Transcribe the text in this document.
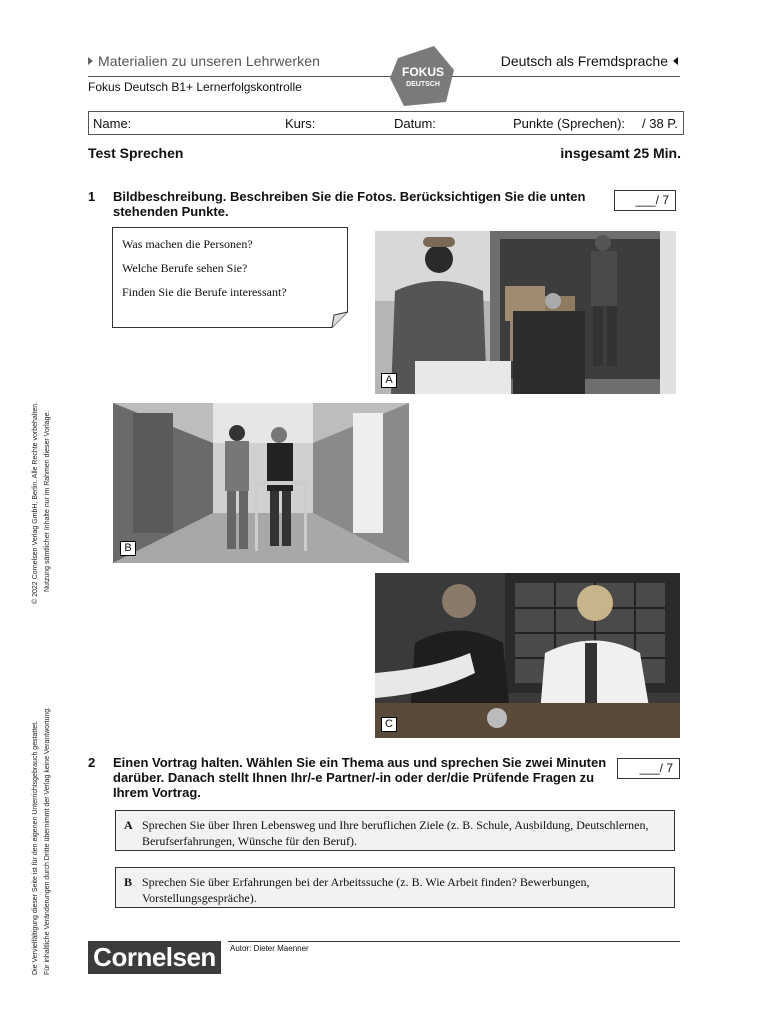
Materialien zu unseren Lehrwerken	Deutsch als Fremdsprache
Fokus Deutsch B1+ Lernerfolgskontrolle
FOKUS
DEUTSCH
Name:	Kurs:	Datum:	Punkte (Sprechen): / 38 P.
Test Sprechen	insgesamt 25 Min.
1 Bildbeschreibung. Beschreiben Sie die Fotos. Berücksichtigen Sie die unten stehenden Punkte.
___/ 7
Was machen die Personen?
Welche Berufe sehen Sie?
Finden Sie die Berufe interessant?
A
B
C
2 Einen Vortrag halten. Wählen Sie ein Thema aus und sprechen Sie zwei Minuten darüber. Danach stellt Ihnen Ihr/-e Partner/-in oder der/die Prüfende Fragen zu Ihrem Vortrag.
___/ 7
A Sprechen Sie über Ihren Lebensweg und Ihre beruflichen Ziele (z. B. Schule, Ausbildung, Deutschlernen, Berufserfahrungen, Wünsche für den Beruf).
B Sprechen Sie über Erfahrungen bei der Arbeitssuche (z. B. Wie Arbeit finden? Bewerbungen, Vorstellungsgespräche).
© 2022 Cornelsen Verlag GmbH, Berlin. Alle Rechte vorbehalten. Nutzung sämtlicher Inhalte nur im Rahmen dieser Vorlage.
Die Vervielfältigung dieser Seite ist für den eigenen Unterrichtsgebrauch gestattet. Für inhaltliche Veränderungen durch Dritte übernimmt der Verlag keine Verantwortung.	Autor: Dieter Maenner
Cornelsen
